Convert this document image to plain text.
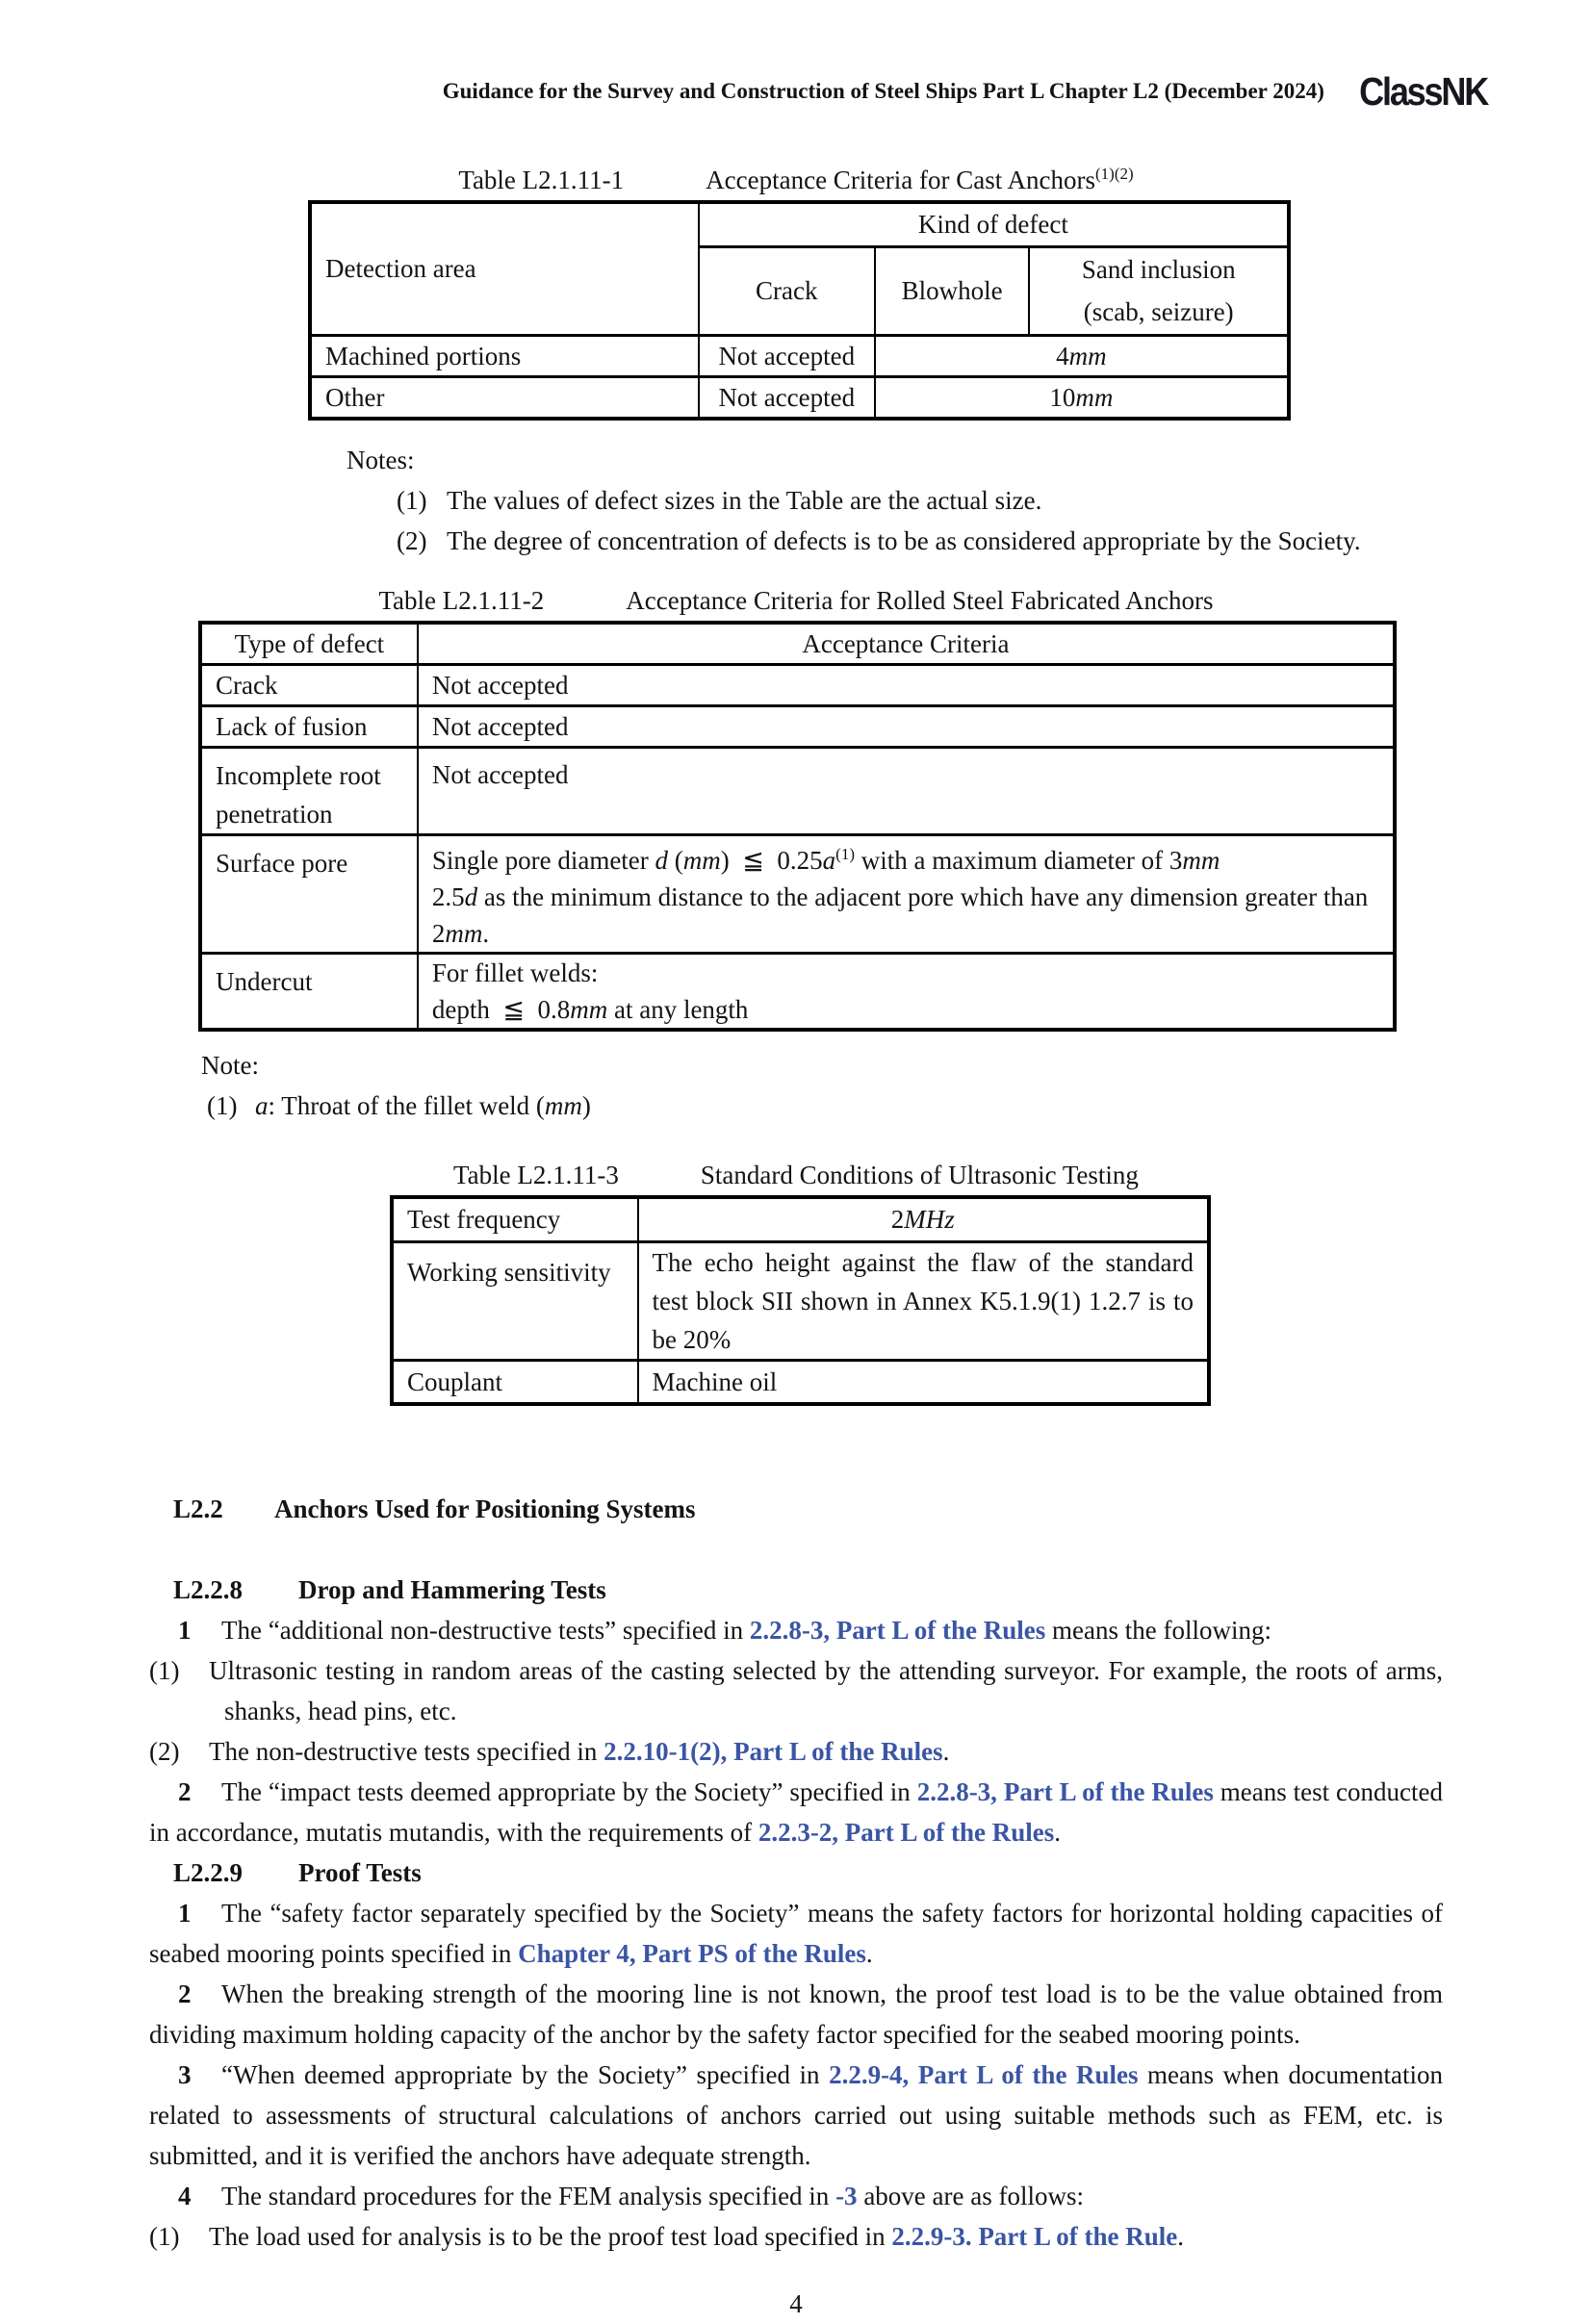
Guidance for the Survey and Construction of Steel Ships Part L Chapter L2 (December 2024) ClassNK
Table L2.1.11-1	Acceptance Criteria for Cast Anchors$^{(1)(2)}$
Detection area	Kind of defect		
	Crack	Blowhole	Sand inclusion
(scab, seizure)

Machined portions	Not accepted	4mm	
Other	Not accepted	10mm	
Notes:
(1) The values of defect sizes in the Table are the actual size.
(2) The degree of concentration of defects is to be as considered appropriate by the Society.
Table L2.1.11-2	Acceptance Criteria for Rolled Steel Fabricated Anchors
Type of defect	Acceptance Criteria
Crack	Not accepted
Lack of fusion	Not accepted
Incomplete root penetration	Not accepted

Surface pore	Single pore diameter d (mm) ≦ $0.25a^{(1)}$ with a maximum diameter of 3mm
2.5d as the minimum distance to the adjacent pore which have any dimension greater than 2mm.

Undercut	For fillet welds:
depth ≦ 0.8mm at any length
Note:
(1) a: Throat of the fillet weld (mm)
Table L2.1.11-3	Standard Conditions of Ultrasonic Testing
Test frequency	2MHz
Working sensitivity	The echo height against the flaw of the standard test block SII shown in Annex K5.1.9(1) 1.2.7 is to be 20%
Couplant	Machine oil
L2.2 Anchors Used for Positioning Systems
L2.2.8 Drop and Hammering Tests

1 The “additional non-destructive tests” specified in 2.2.8-3, Part L of the Rules means the following:

(1) Ultrasonic testing in random areas of the casting selected by the attending surveyor. For example, the roots of arms, shanks, head pins, etc.

(2) The non-destructive tests specified in 2.2.10-1(2), Part L of the Rules.

2 The “impact tests deemed appropriate by the Society” specified in 2.2.8-3, Part L of the Rules means test conducted in accordance, mutatis mutandis, with the requirements of 2.2.3-2, Part L of the Rules.

L2.2.9 Proof Tests

1 The “safety factor separately specified by the Society” means the safety factors for horizontal holding capacities of seabed mooring points specified in Chapter 4, Part PS of the Rules.

2 When the breaking strength of the mooring line is not known, the proof test load is to be the value obtained from dividing maximum holding capacity of the anchor by the safety factor specified for the seabed mooring points.

3 “When deemed appropriate by the Society” specified in 2.2.9-4, Part L of the Rules means when documentation related to assessments of structural calculations of anchors carried out using suitable methods such as FEM, etc. is submitted, and it is verified the anchors have adequate strength.

4 The standard procedures for the FEM analysis specified in -3 above are as follows:

(1) The load used for analysis is to be the proof test load specified in 2.2.9-3. Part L of the Rule.

4
